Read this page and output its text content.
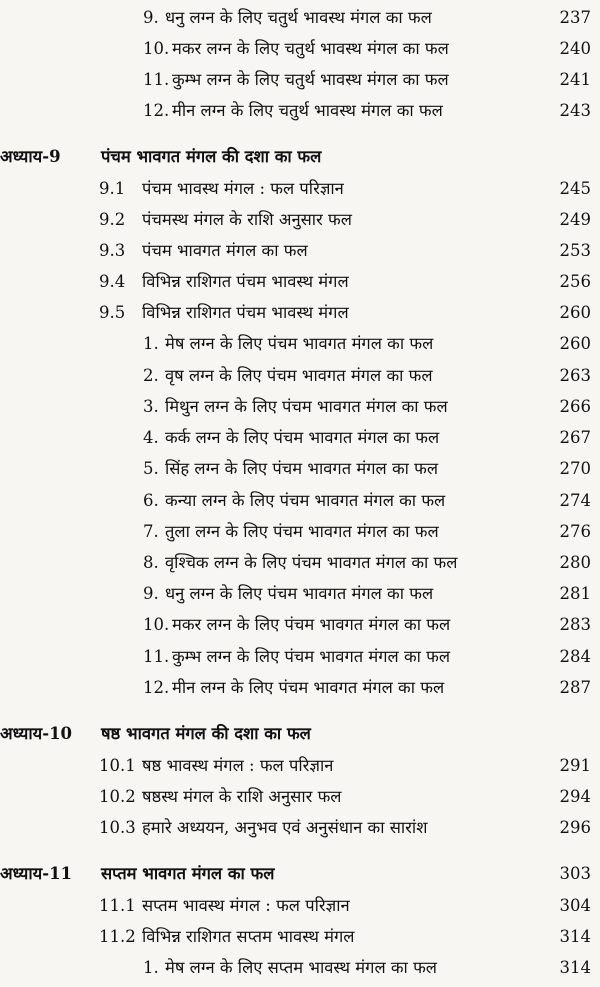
9. धनु लग्न के लिए चतुर्थ भावस्थ मंगल का फल	237
10. मकर लग्न के लिए चतुर्थ भावस्थ मंगल का फल	240
11. कुम्भ लग्न के लिए चतुर्थ भावस्थ मंगल का फल	241
12. मीन लग्न के लिए चतुर्थ भावस्थ मंगल का फल	243
अध्याय-9 पंचम भावगत मंगल की दशा का फल
9.1 पंचम भावस्थ मंगल : फल परिज्ञान	245
9.2 पंचमस्थ मंगल के राशि अनुसार फल	249
9.3 पंचम भावगत मंगल का फल	253
9.4 विभिन्न राशिगत पंचम भावस्थ मंगल	256
9.5 विभिन्न राशिगत पंचम भावस्थ मंगल	260
1. मेष लग्न के लिए पंचम भावगत मंगल का फल	260
2. वृष लग्न के लिए पंचम भावगत मंगल का फल	263
3. मिथुन लग्न के लिए पंचम भावगत मंगल का फल	266
4. कर्क लग्न के लिए पंचम भावगत मंगल का फल	267
5. सिंह लग्न के लिए पंचम भावगत मंगल का फल	270
6. कन्या लग्न के लिए पंचम भावगत मंगल का फल	274
7. तुला लग्न के लिए पंचम भावगत मंगल का फल	276
8. वृश्चिक लग्न के लिए पंचम भावगत मंगल का फल	280
9. धनु लग्न के लिए पंचम भावगत मंगल का फल	281
10. मकर लग्न के लिए पंचम भावगत मंगल का फल	283
11. कुम्भ लग्न के लिए पंचम भावगत मंगल का फल	284
12. मीन लग्न के लिए पंचम भावगत मंगल का फल	287
अध्याय-10 षष्ठ भावगत मंगल की दशा का फल
10.1 षष्ठ भावस्थ मंगल : फल परिज्ञान	291
10.2 षष्ठस्थ मंगल के राशि अनुसार फल	294
10.3 हमारे अध्ययन, अनुभव एवं अनुसंधान का सारांश	296
अध्याय-11 सप्तम भावगत मंगल का फल	303
11.1 सप्तम भावस्थ मंगल : फल परिज्ञान	304
11.2 विभिन्न राशिगत सप्तम भावस्थ मंगल	314
1. मेष लग्न के लिए सप्तम भावस्थ मंगल का फल	314
